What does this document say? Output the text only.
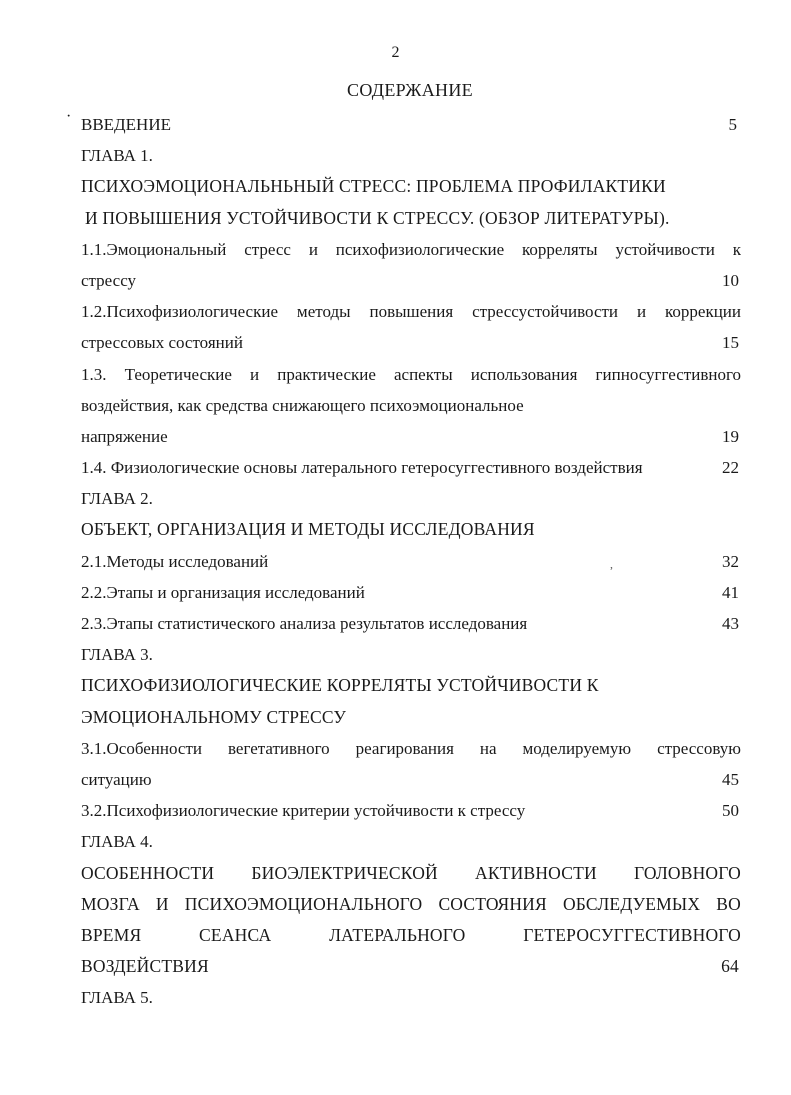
2
СОДЕРЖАНИЕ
·
,
ВВЕДЕНИЕ	5
ГЛАВА 1.
ПСИХОЭМОЦИОНАЛЬНЬНЫЙ СТРЕСС: ПРОБЛЕМА ПРОФИЛАКТИКИ
И ПОВЫШЕНИЯ УСТОЙЧИВОСТИ К СТРЕССУ. (ОБЗОР ЛИТЕРАТУРЫ).
1.1.Эмоциональный стресс и психофизиологические корреляты устойчивости к
стрессу	10
1.2.Психофизиологические методы повышения стрессустойчивости и коррекции
стрессовых состояний	15
1.3. Теоретические и практические аспекты использования гипносуггестивного
воздействия, как средства снижающего психоэмоциональное
напряжение	19
1.4. Физиологические основы латерального гетеросуггестивного воздействия	22
ГЛАВА 2.
ОБЪЕКТ, ОРГАНИЗАЦИЯ И МЕТОДЫ ИССЛЕДОВАНИЯ
2.1.Методы исследований	32
2.2.Этапы и организация исследований	41
2.3.Этапы статистического анализа результатов исследования	43
ГЛАВА 3.
ПСИХОФИЗИОЛОГИЧЕСКИЕ КОРРЕЛЯТЫ УСТОЙЧИВОСТИ К
ЭМОЦИОНАЛЬНОМУ СТРЕССУ
3.1.Особенности вегетативного реагирования на моделируемую стрессовую
ситуацию	45
3.2.Психофизиологические критерии устойчивости к стрессу	50
ГЛАВА 4.
ОСОБЕННОСТИ БИОЭЛЕКТРИЧЕСКОЙ АКТИВНОСТИ ГОЛОВНОГО
МОЗГА И ПСИХОЭМОЦИОНАЛЬНОГО СОСТОЯНИЯ ОБСЛЕДУЕМЫХ ВО
ВРЕМЯ СЕАНСА ЛАТЕРАЛЬНОГО ГЕТЕРОСУГГЕСТИВНОГО
ВОЗДЕЙСТВИЯ	64
ГЛАВА 5.
